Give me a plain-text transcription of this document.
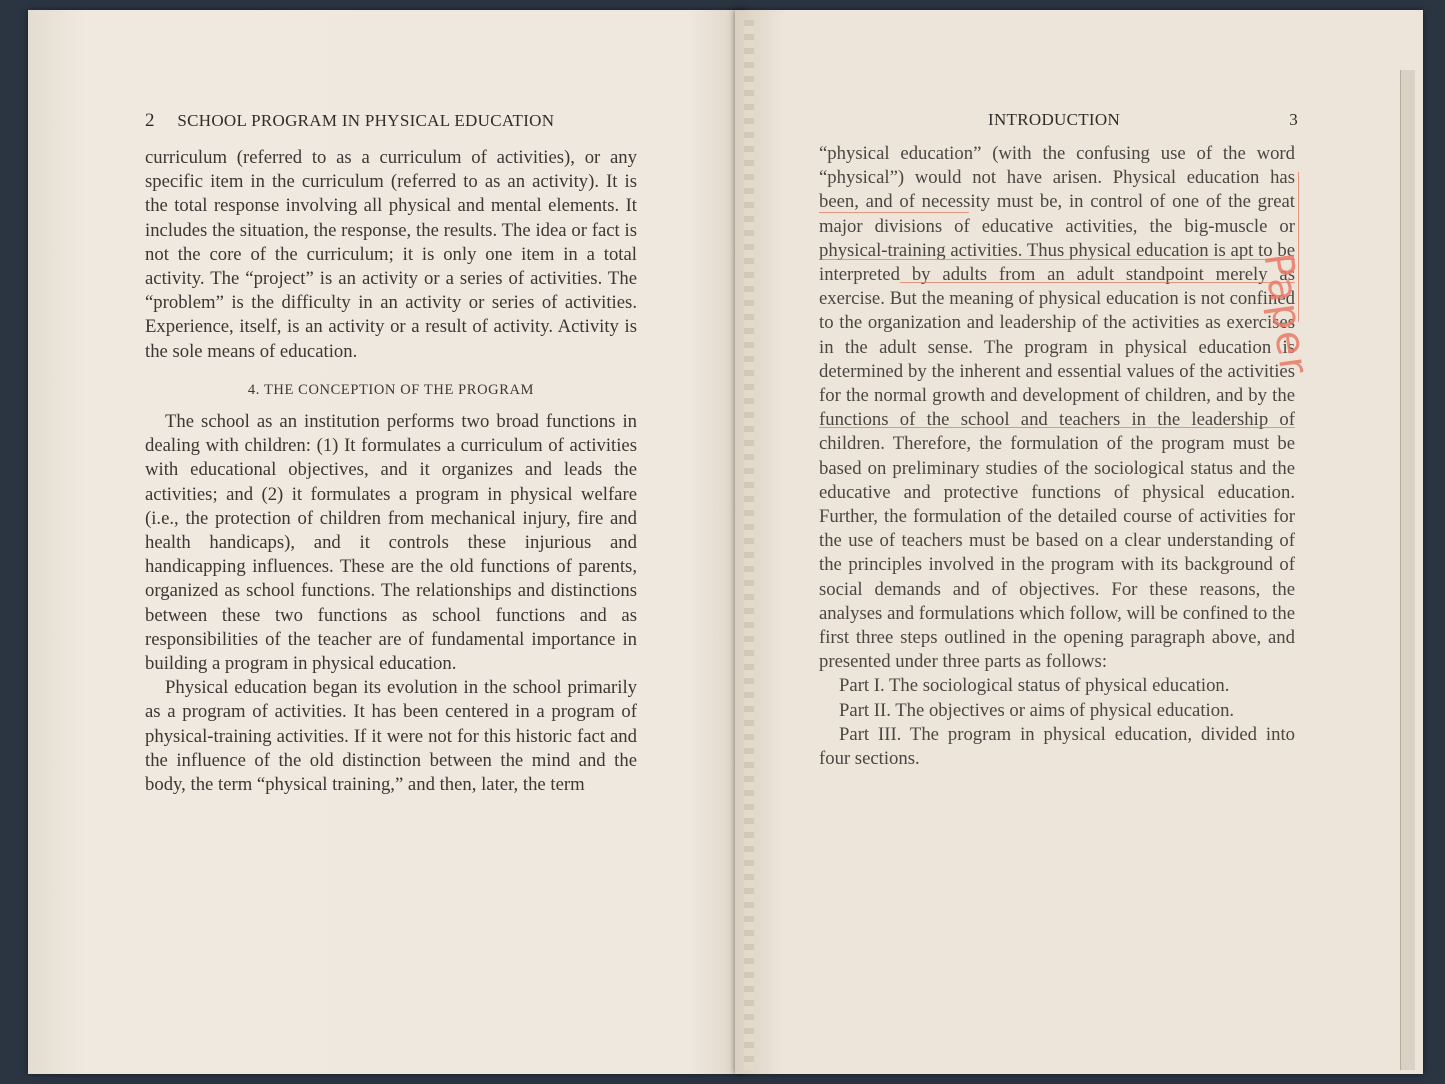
2 SCHOOL PROGRAM IN PHYSICAL EDUCATION

curriculum (referred to as a curriculum of activities), or any specific item in the curriculum (referred to as an activity). It is the total response involving all physical and mental elements. It includes the situation, the response, the results. The idea or fact is not the core of the curriculum; it is only one item in a total activity. The “project” is an activity or a series of activities. The “problem” is the difficulty in an activity or series of activities. Experience, itself, is an activity or a result of activity. Activity is the sole means of education.

4. THE CONCEPTION OF THE PROGRAM

The school as an institution performs two broad functions in dealing with children: (1) It formulates a curriculum of activities with educational objectives, and it organizes and leads the activities; and (2) it formulates a program in physical welfare (i.e., the protection of children from mechanical injury, fire and health handicaps), and it controls these injurious and handicapping influences. These are the old functions of parents, organized as school functions. The relationships and distinctions between these two functions as school functions and as responsibilities of the teacher are of fundamental importance in building a program in physical education.

Physical education began its evolution in the school primarily as a program of activities. It has been centered in a program of physical-training activities. If it were not for this historic fact and the influence of the old distinction between the mind and the body, the term “physical training,” and then, later, the term

INTRODUCTION	3

“physical education” (with the confusing use of the word “physical”) would not have arisen. Physical education has been, and of necessity must be, in control of one of the great major divisions of educative activities, the big-muscle or physical-training activities. Thus physical education is apt to be interpreted by adults from an adult standpoint merely as exercise. But the meaning of physical education is not confined to the organization and leadership of the activities as exercises in the adult sense. The program in physical education is determined by the inherent and essential values of the activities for the normal growth and development of children, and by the functions of the school and teachers in the leadership of children. Therefore, the formulation of the program must be based on preliminary studies of the sociological status and the educative and protective functions of physical education. Further, the formulation of the detailed course of activities for the use of teachers must be based on a clear understanding of the principles involved in the program with its background of social demands and of objectives. For these reasons, the analyses and formulations which follow, will be confined to the first three steps outlined in the opening paragraph above, and presented under three parts as follows:

Part I. The sociological status of physical education.

Part II. The objectives or aims of physical education.

Part III. The program in physical education, divided into four sections.

Paper
